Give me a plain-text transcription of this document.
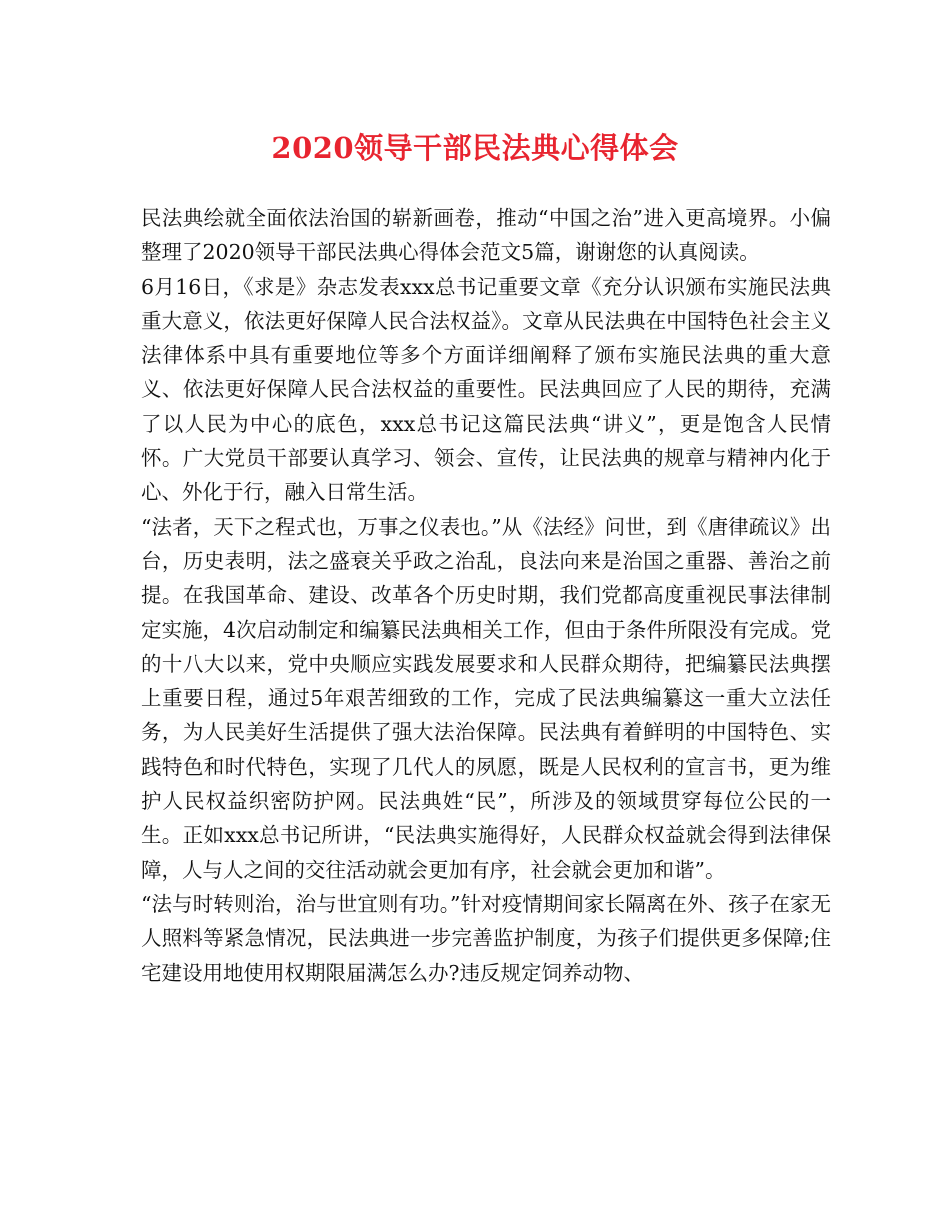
2020领导干部民法典心得体会

民法典绘就全面依法治国的崭新画卷，推动“中国之治”进入更高境界。小偏整理了2020领导干部民法典心得体会范文5篇，谢谢您的认真阅读。

6月16日，《求是》杂志发表xxx总书记重要文章《充分认识颁布实施民法典重大意义，依法更好保障人民合法权益》。文章从民法典在中国特色社会主义法律体系中具有重要地位等多个方面详细阐释了颁布实施民法典的重大意义、依法更好保障人民合法权益的重要性。民法典回应了人民的期待，充满了以人民为中心的底色，xxx总书记这篇民法典“讲义”，更是饱含人民情怀。广大党员干部要认真学习、领会、宣传，让民法典的规章与精神内化于心、外化于行，融入日常生活。

“法者，天下之程式也，万事之仪表也。”从《法经》问世，到《唐律疏议》出台，历史表明，法之盛衰关乎政之治乱，良法向来是治国之重器、善治之前提。在我国革命、建设、改革各个历史时期，我们党都高度重视民事法律制定实施，4次启动制定和编纂民法典相关工作，但由于条件所限没有完成。党的十八大以来，党中央顺应实践发展要求和人民群众期待，把编纂民法典摆上重要日程，通过5年艰苦细致的工作，完成了民法典编纂这一重大立法任务，为人民美好生活提供了强大法治保障。民法典有着鲜明的中国特色、实践特色和时代特色，实现了几代人的夙愿，既是人民权利的宣言书，更为维护人民权益织密防护网。民法典姓“民”，所涉及的领域贯穿每位公民的一生。正如xxx总书记所讲，“民法典实施得好，人民群众权益就会得到法律保障，人与人之间的交往活动就会更加有序，社会就会更加和谐”。

“法与时转则治，治与世宜则有功。”针对疫情期间家长隔离在外、孩子在家无人照料等紧急情况，民法典进一步完善监护制度，为孩子们提供更多保障;住宅建设用地使用权期限届满怎么办?违反规定饲养动物、
